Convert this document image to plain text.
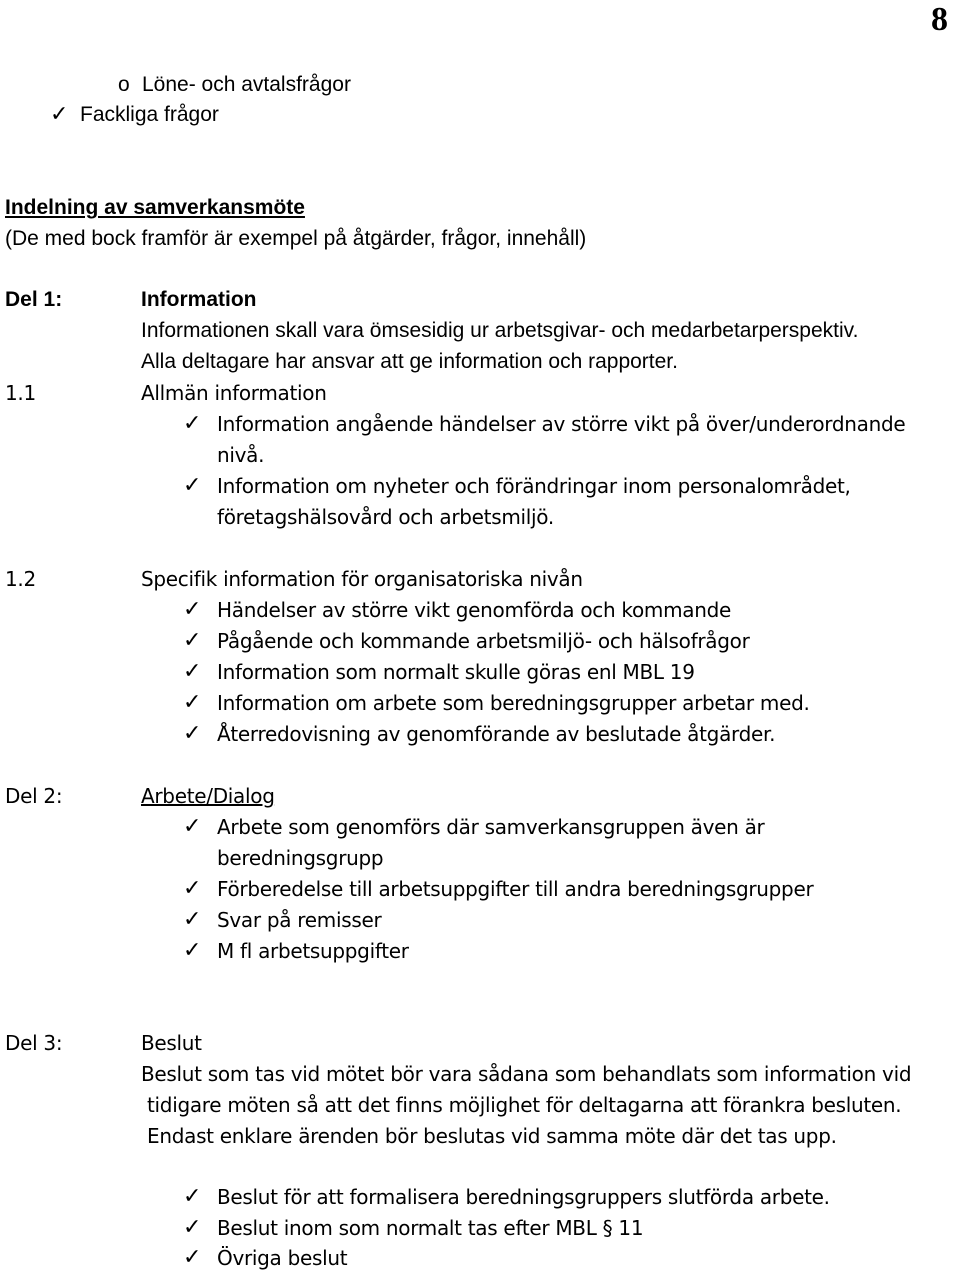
8
o Löne- och avtalsfrågor
✓ Fackliga frågor
Indelning av samverkansmöte
(De med bock framför är exempel på åtgärder, frågor, innehåll)
Del 1:	Information
Informationen skall vara ömsesidig ur arbetsgivar- och medarbetarperspektiv.
Alla deltagare har ansvar att ge information och rapporter.
1.1	Allmän information
✓ Information angående händelser av större vikt på över/underordnande
nivå.
✓ Information om nyheter och förändringar inom personalområdet,
företagshälsovård och arbetsmiljö.
1.2	Specifik information för organisatoriska nivån
✓ Händelser av större vikt genomförda och kommande
✓ Pågående och kommande arbetsmiljö- och hälsofrågor
✓ Information som normalt skulle göras enl MBL 19
✓ Information om arbete som beredningsgrupper arbetar med.
✓ Återredovisning av genomförande av beslutade åtgärder.
Del 2:	Arbete/Dialog
✓ Arbete som genomförs där samverkansgruppen även är
beredningsgrupp
✓ Förberedelse till arbetsuppgifter till andra beredningsgrupper
✓ Svar på remisser
✓ M fl arbetsuppgifter
Del 3:	Beslut
Beslut som tas vid mötet bör vara sådana som behandlats som information vid
tidigare möten så att det finns möjlighet för deltagarna att förankra besluten.
Endast enklare ärenden bör beslutas vid samma möte där det tas upp.
✓ Beslut för att formalisera beredningsgruppers slutförda arbete.
✓ Beslut inom som normalt tas efter MBL § 11
✓ Övriga beslut
